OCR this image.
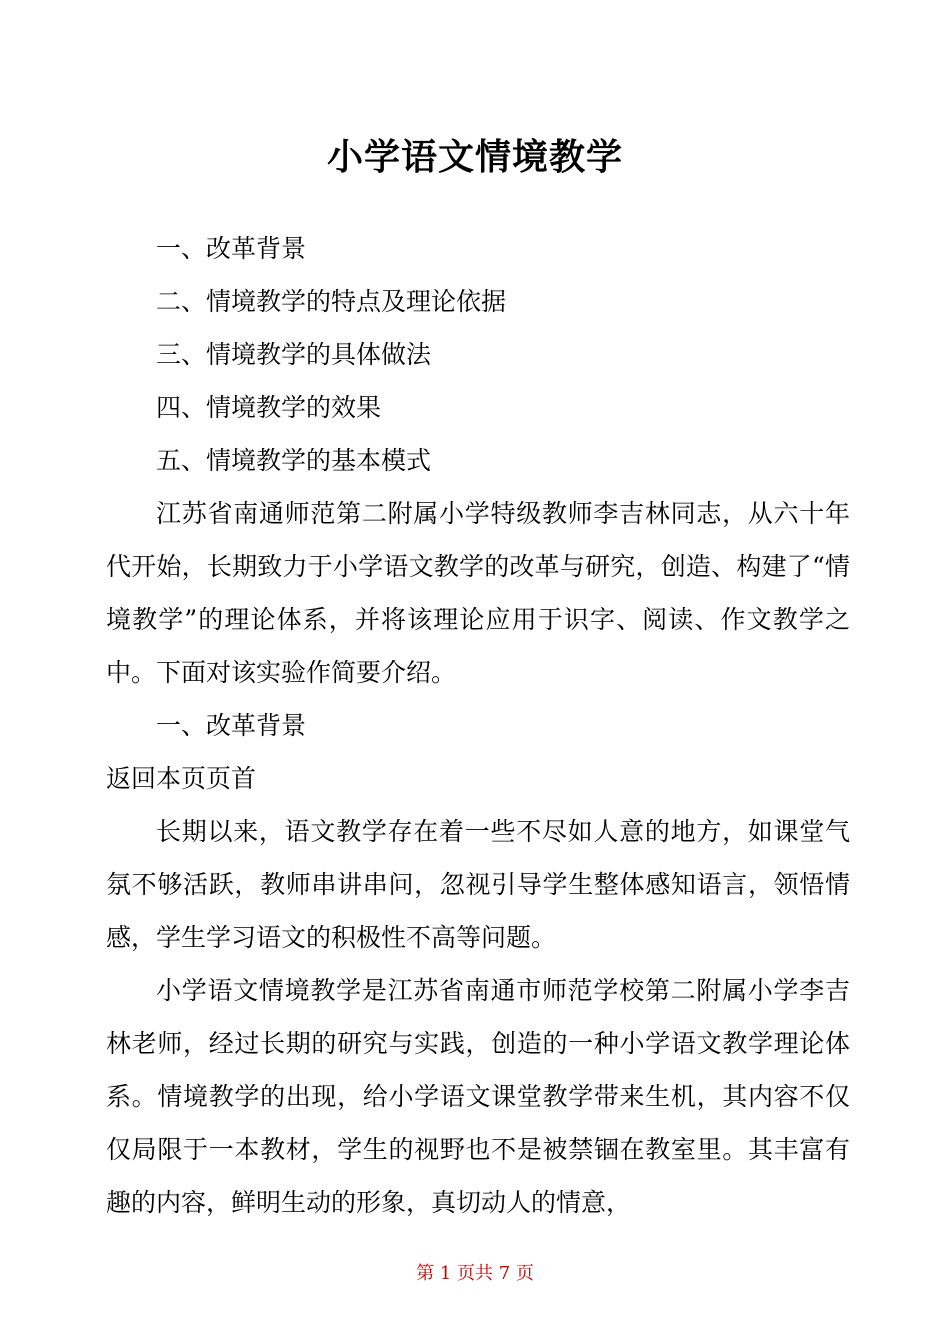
小学语文情境教学

一、改革背景

二、情境教学的特点及理论依据

三、情境教学的具体做法

四、情境教学的效果

五、情境教学的基本模式

江苏省南通师范第二附属小学特级教师李吉林同志，从六十年代开始，长期致力于小学语文教学的改革与研究，创造、构建了“情境教学”的理论体系，并将该理论应用于识字、阅读、作文教学之中。下面对该实验作简要介绍。

一、改革背景

返回本页页首

长期以来，语文教学存在着一些不尽如人意的地方，如课堂气氛不够活跃，教师串讲串问，忽视引导学生整体感知语言，领悟情感，学生学习语文的积极性不高等问题。

小学语文情境教学是江苏省南通市师范学校第二附属小学李吉林老师，经过长期的研究与实践，创造的一种小学语文教学理论体系。情境教学的出现，给小学语文课堂教学带来生机，其内容不仅仅局限于一本教材，学生的视野也不是被禁锢在教室里。其丰富有趣的内容，鲜明生动的形象，真切动人的情意，

第 1 页共 7 页
